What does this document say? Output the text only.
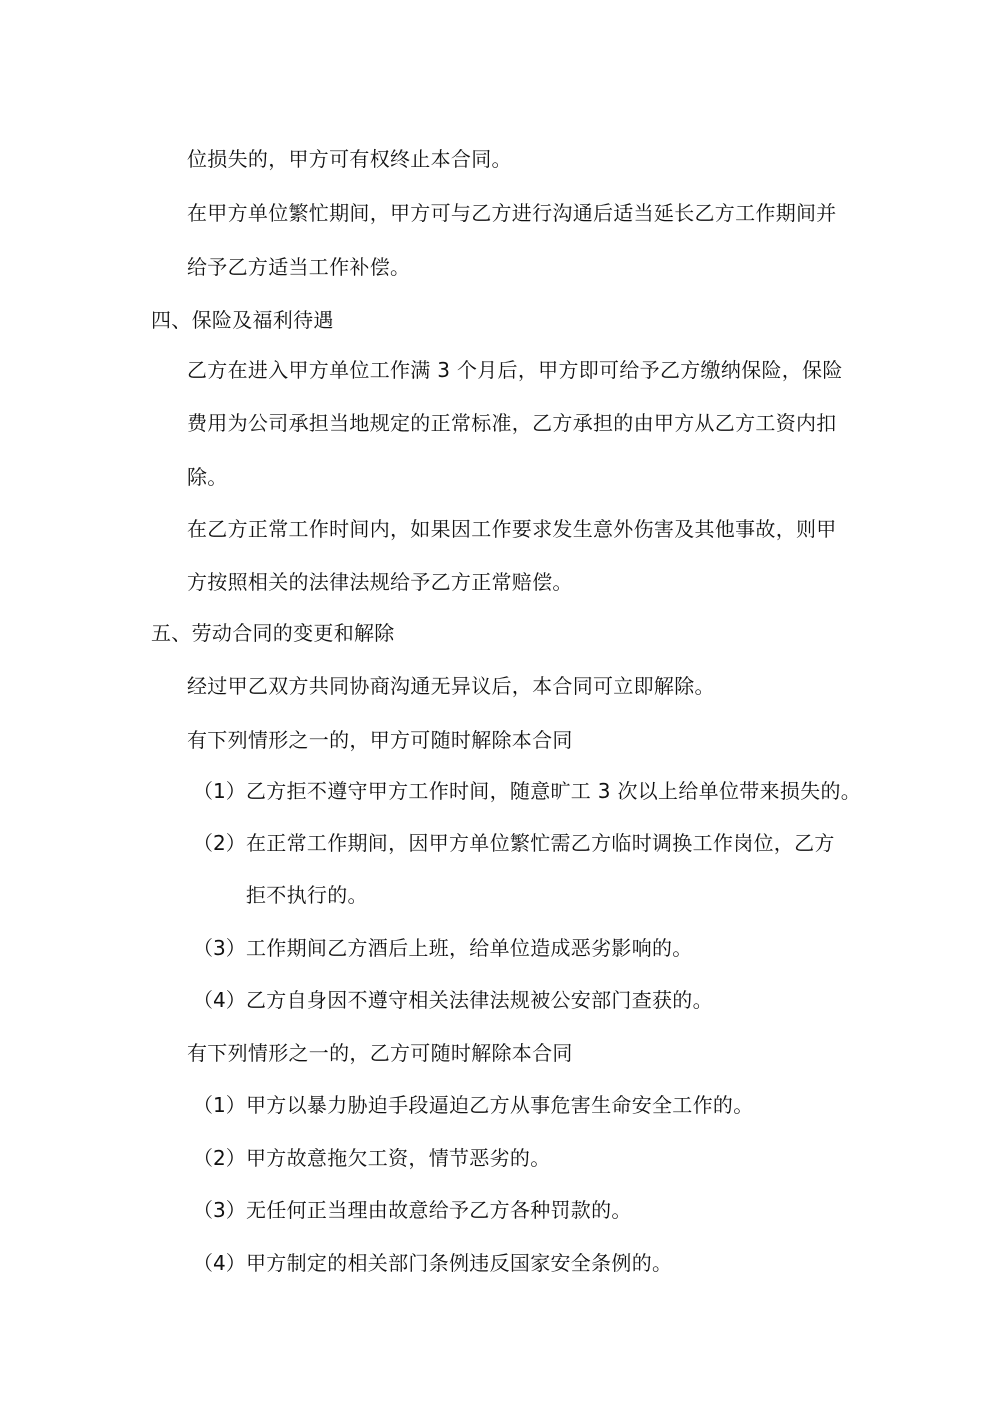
位损失的，甲方可有权终止本合同。
在甲方单位繁忙期间，甲方可与乙方进行沟通后适当延长乙方工作期间并
给予乙方适当工作补偿。
四、保险及福利待遇
乙方在进入甲方单位工作满 3 个月后，甲方即可给予乙方缴纳保险，保险
费用为公司承担当地规定的正常标准，乙方承担的由甲方从乙方工资内扣
除。
在乙方正常工作时间内，如果因工作要求发生意外伤害及其他事故，则甲
方按照相关的法律法规给予乙方正常赔偿。
五、劳动合同的变更和解除
经过甲乙双方共同协商沟通无异议后，本合同可立即解除。
有下列情形之一的，甲方可随时解除本合同
（1） 乙方拒不遵守甲方工作时间，随意旷工 3 次以上给单位带来损失的。
（2） 在正常工作期间，因甲方单位繁忙需乙方临时调换工作岗位，乙方
拒不执行的。
（3） 工作期间乙方酒后上班，给单位造成恶劣影响的。
（4） 乙方自身因不遵守相关法律法规被公安部门查获的。
有下列情形之一的，乙方可随时解除本合同
（1） 甲方以暴力胁迫手段逼迫乙方从事危害生命安全工作的。
（2） 甲方故意拖欠工资，情节恶劣的。
（3） 无任何正当理由故意给予乙方各种罚款的。
（4） 甲方制定的相关部门条例违反国家安全条例的。
